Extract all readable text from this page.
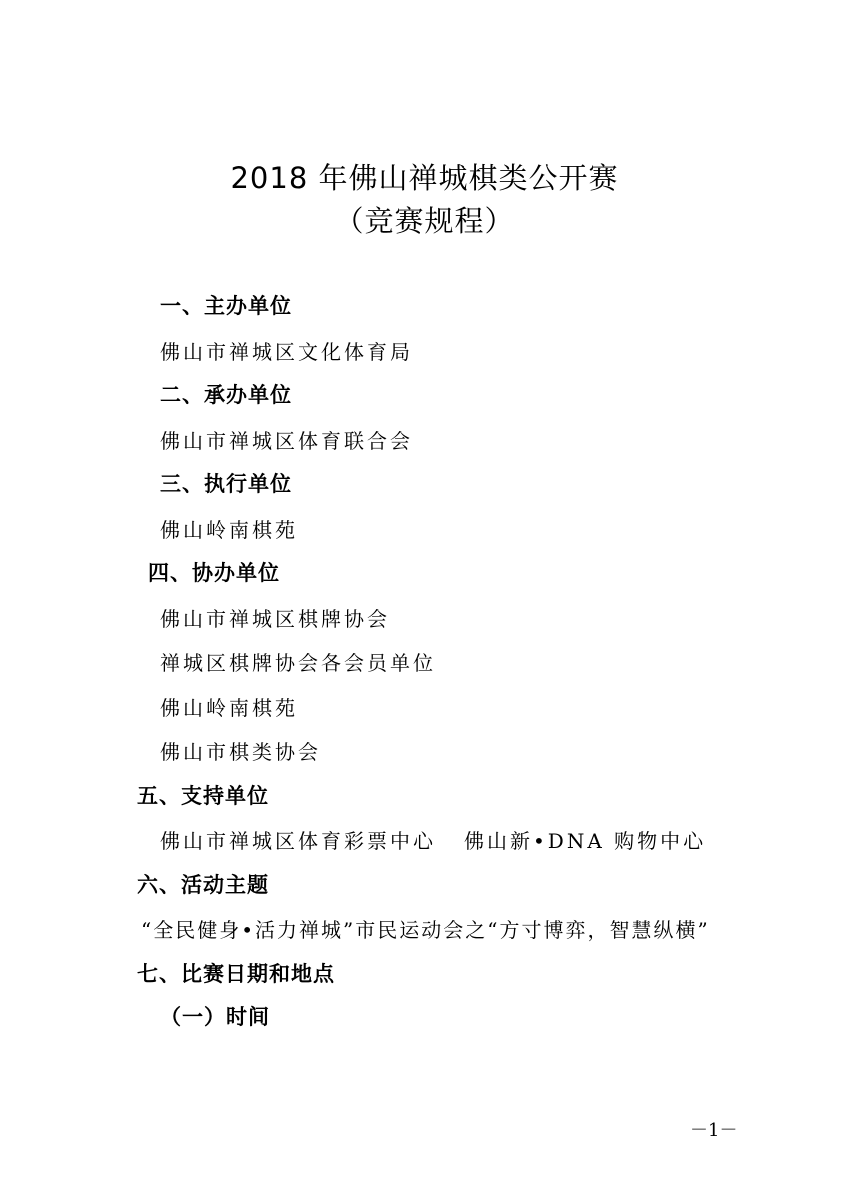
2018 年佛山禅城棋类公开赛
（竞赛规程）
一、主办单位
佛山市禅城区文化体育局
二、承办单位
佛山市禅城区体育联合会
三、执行单位
佛山岭南棋苑
四、协办单位
佛山市禅城区棋牌协会
禅城区棋牌协会各会员单位
佛山岭南棋苑
佛山市棋类协会
五、支持单位
佛山市禅城区体育彩票中心 佛山新•DNA 购物中心
六、活动主题
“全民健身•活力禅城”市民运动会之“方寸博弈，智慧纵横”
七、比赛日期和地点
（一）时间
－1－
